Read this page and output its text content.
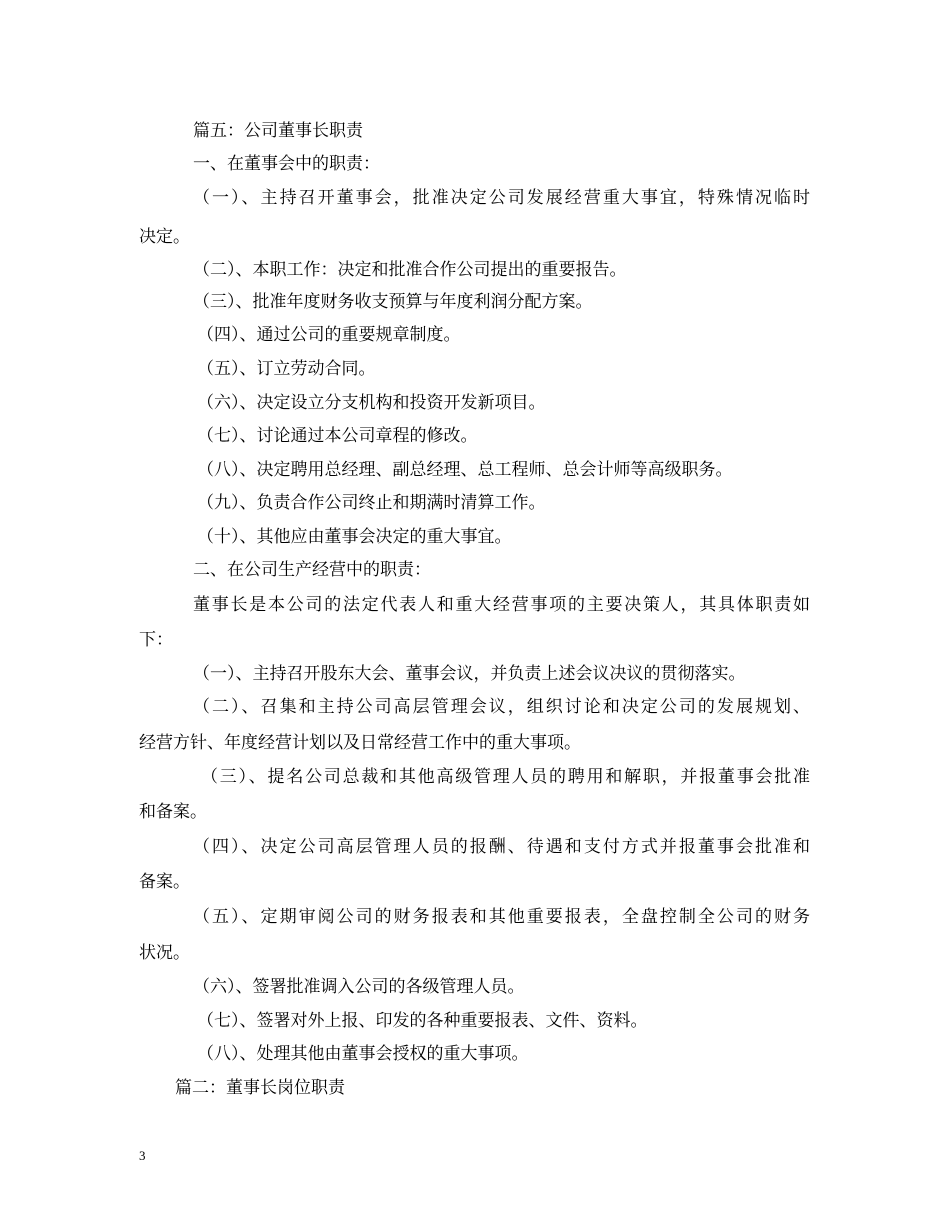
篇五：公司董事长职责

一、在董事会中的职责：

（一）、主持召开董事会，批准决定公司发展经营重大事宜，特殊情况临时

决定。

（二）、本职工作：决定和批准合作公司提出的重要报告。

（三）、批准年度财务收支预算与年度利润分配方案。

（四）、通过公司的重要规章制度。

（五）、订立劳动合同。

（六）、决定设立分支机构和投资开发新项目。

（七）、讨论通过本公司章程的修改。

（八）、决定聘用总经理、副总经理、总工程师、总会计师等高级职务。

（九）、负责合作公司终止和期满时清算工作。

（十）、其他应由董事会决定的重大事宜。

二、在公司生产经营中的职责：

董事长是本公司的法定代表人和重大经营事项的主要决策人，其具体职责如

下：

（一）、主持召开股东大会、董事会议，并负责上述会议决议的贯彻落实。

（二）、召集和主持公司高层管理会议，组织讨论和决定公司的发展规划、

经营方针、年度经营计划以及日常经营工作中的重大事项。

（三）、提名公司总裁和其他高级管理人员的聘用和解职，并报董事会批准

和备案。

（四）、决定公司高层管理人员的报酬、待遇和支付方式并报董事会批准和

备案。

（五）、定期审阅公司的财务报表和其他重要报表，全盘控制全公司的财务

状况。

（六）、签署批准调入公司的各级管理人员。

（七）、签署对外上报、印发的各种重要报表、文件、资料。

（八）、处理其他由董事会授权的重大事项。

篇二：董事长岗位职责

3
